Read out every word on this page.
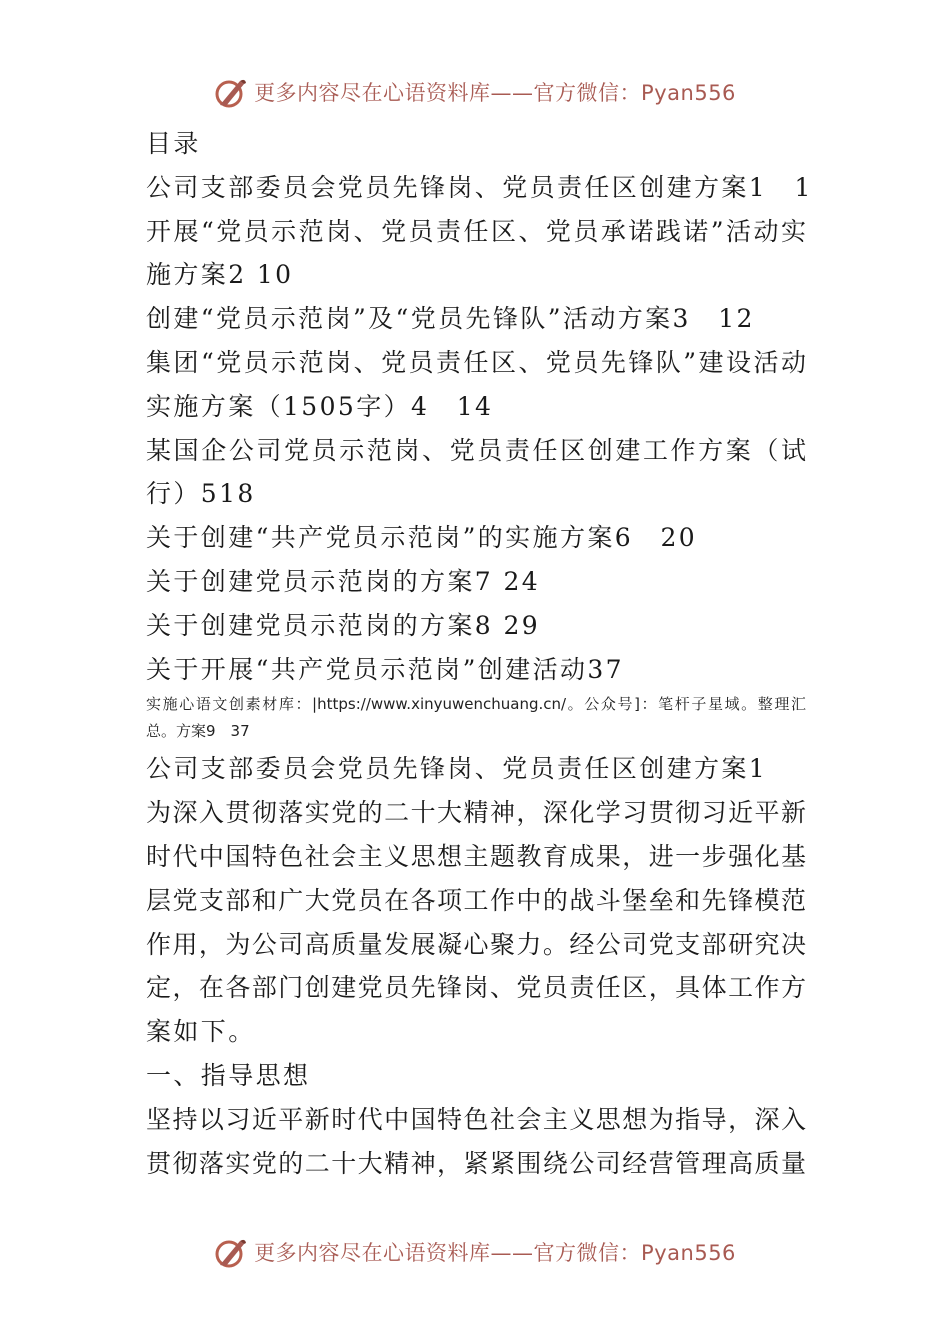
更多内容尽在心语资料库——官方微信：Pyan556
目录
公司支部委员会党员先锋岗、党员责任区创建方案1　1
开展“党员示范岗、党员责任区、党员承诺践诺”活动实
施方案2 10
创建“党员示范岗”及“党员先锋队”活动方案3　12
集团“党员示范岗、党员责任区、党员先锋队”建设活动
实施方案（1505字）4　14
某国企公司党员示范岗、党员责任区创建工作方案（试
行）518
关于创建“共产党员示范岗”的实施方案6　20
关于创建党员示范岗的方案7 24
关于创建党员示范岗的方案8 29
关于开展“共产党员示范岗”创建活动37
实施心语文创素材库：|https://www.xinyuwenchuang.cn/。公众号]：笔杆子星域。整理汇
总。方案9　37
公司支部委员会党员先锋岗、党员责任区创建方案1
为深入贯彻落实党的二十大精神，深化学习贯彻习近平新
时代中国特色社会主义思想主题教育成果，进一步强化基
层党支部和广大党员在各项工作中的战斗堡垒和先锋模范
作用，为公司高质量发展凝心聚力。经公司党支部研究决
定，在各部门创建党员先锋岗、党员责任区，具体工作方
案如下。
一、指导思想
坚持以习近平新时代中国特色社会主义思想为指导，深入
贯彻落实党的二十大精神，紧紧围绕公司经营管理高质量
更多内容尽在心语资料库——官方微信：Pyan556
